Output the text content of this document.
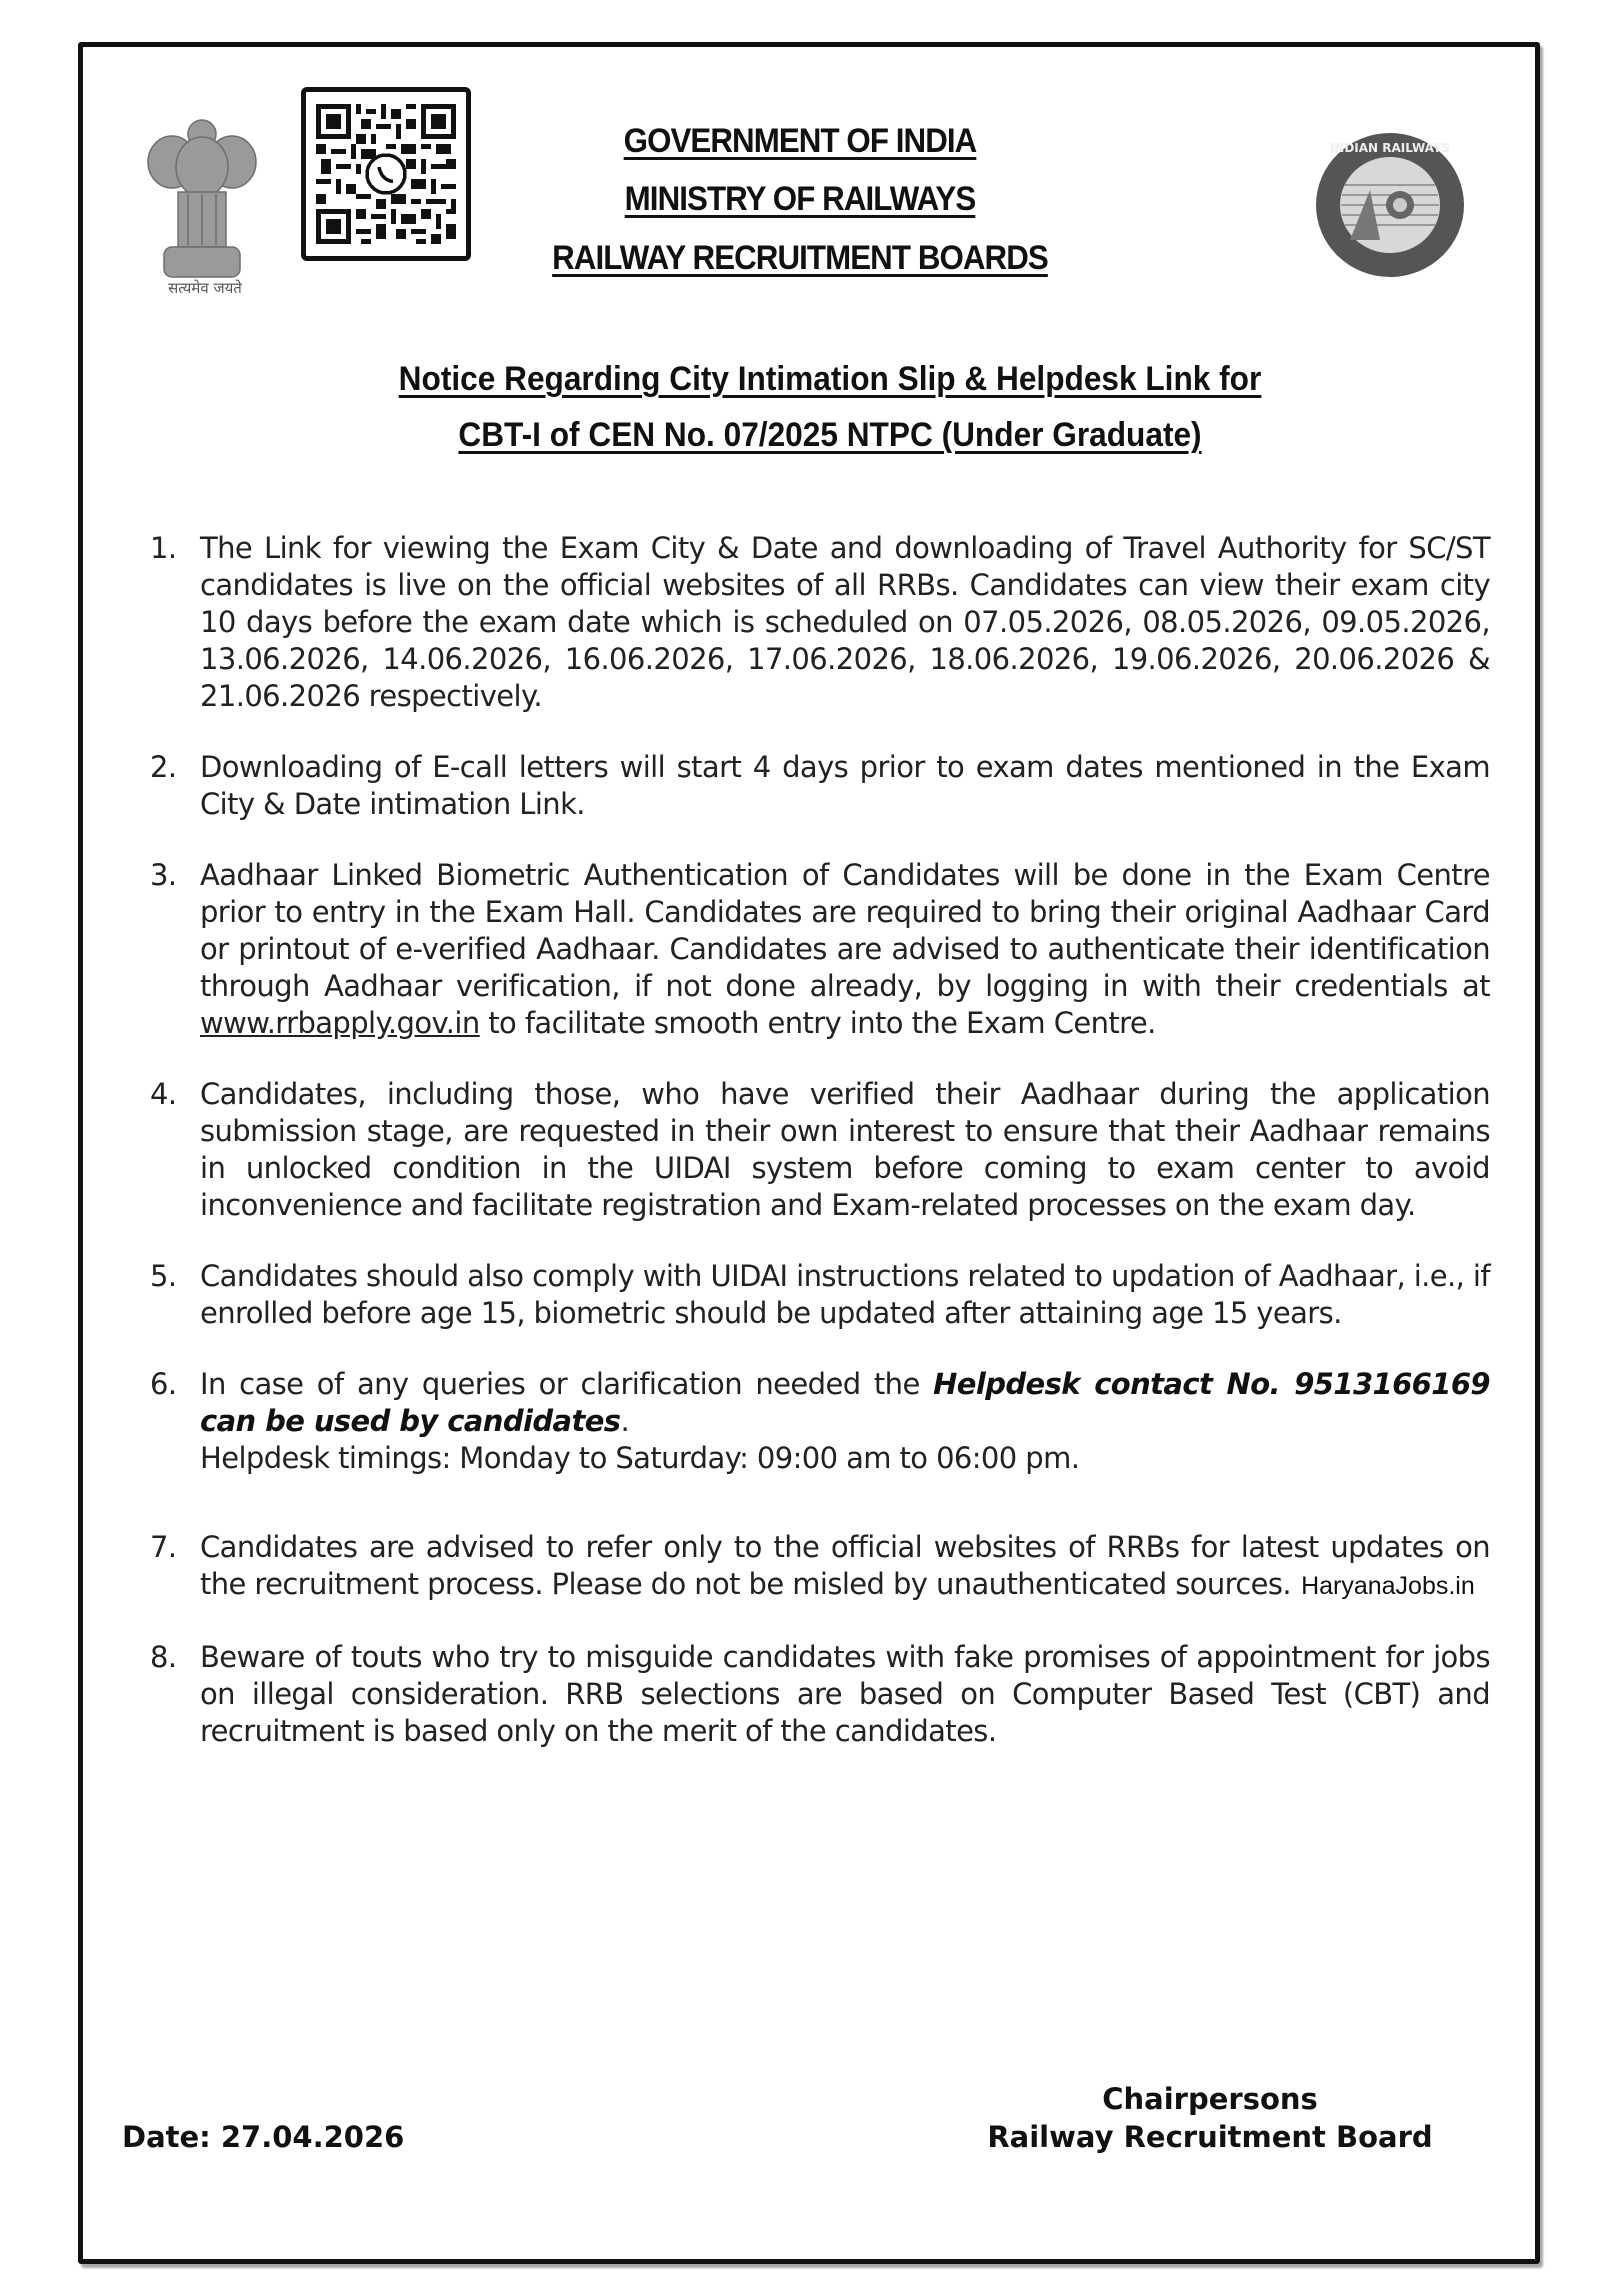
सत्यमेव जयते
INDIAN RAILWAYS
GOVERNMENT OF INDIA
MINISTRY OF RAILWAYS
RAILWAY RECRUITMENT BOARDS
Notice Regarding City Intimation Slip & Helpdesk Link for
CBT-I of CEN No. 07/2025 NTPC (Under Graduate)
1. The Link for viewing the Exam City & Date and downloading of Travel Authority for SC/ST candidates is live on the official websites of all RRBs. Candidates can view their exam city 10 days before the exam date which is scheduled on 07.05.2026, 08.05.2026, 09.05.2026, 13.06.2026, 14.06.2026, 16.06.2026, 17.06.2026, 18.06.2026, 19.06.2026, 20.06.2026 & 21.06.2026 respectively.
2. Downloading of E-call letters will start 4 days prior to exam dates mentioned in the Exam City & Date intimation Link.
3. Aadhaar Linked Biometric Authentication of Candidates will be done in the Exam Centre prior to entry in the Exam Hall. Candidates are required to bring their original Aadhaar Card or printout of e-verified Aadhaar. Candidates are advised to authenticate their identification through Aadhaar verification, if not done already, by logging in with their credentials at www.rrbapply.gov.in to facilitate smooth entry into the Exam Centre.
4. Candidates, including those, who have verified their Aadhaar during the application submission stage, are requested in their own interest to ensure that their Aadhaar remains in unlocked condition in the UIDAI system before coming to exam center to avoid inconvenience and facilitate registration and Exam-related processes on the exam day.
5. Candidates should also comply with UIDAI instructions related to updation of Aadhaar, i.e., if enrolled before age 15, biometric should be updated after attaining age 15 years.
6. In case of any queries or clarification needed the Helpdesk contact No. 9513166169 can be used by candidates.
Helpdesk timings: Monday to Saturday: 09:00 am to 06:00 pm.
7. Candidates are advised to refer only to the official websites of RRBs for latest updates on the recruitment process. Please do not be misled by unauthenticated sources. HaryanaJobs.in
8. Beware of touts who try to misguide candidates with fake promises of appointment for jobs on illegal consideration. RRB selections are based on Computer Based Test (CBT) and recruitment is based only on the merit of the candidates.
Date: 27.04.2026
Chairpersons
Railway Recruitment Board
